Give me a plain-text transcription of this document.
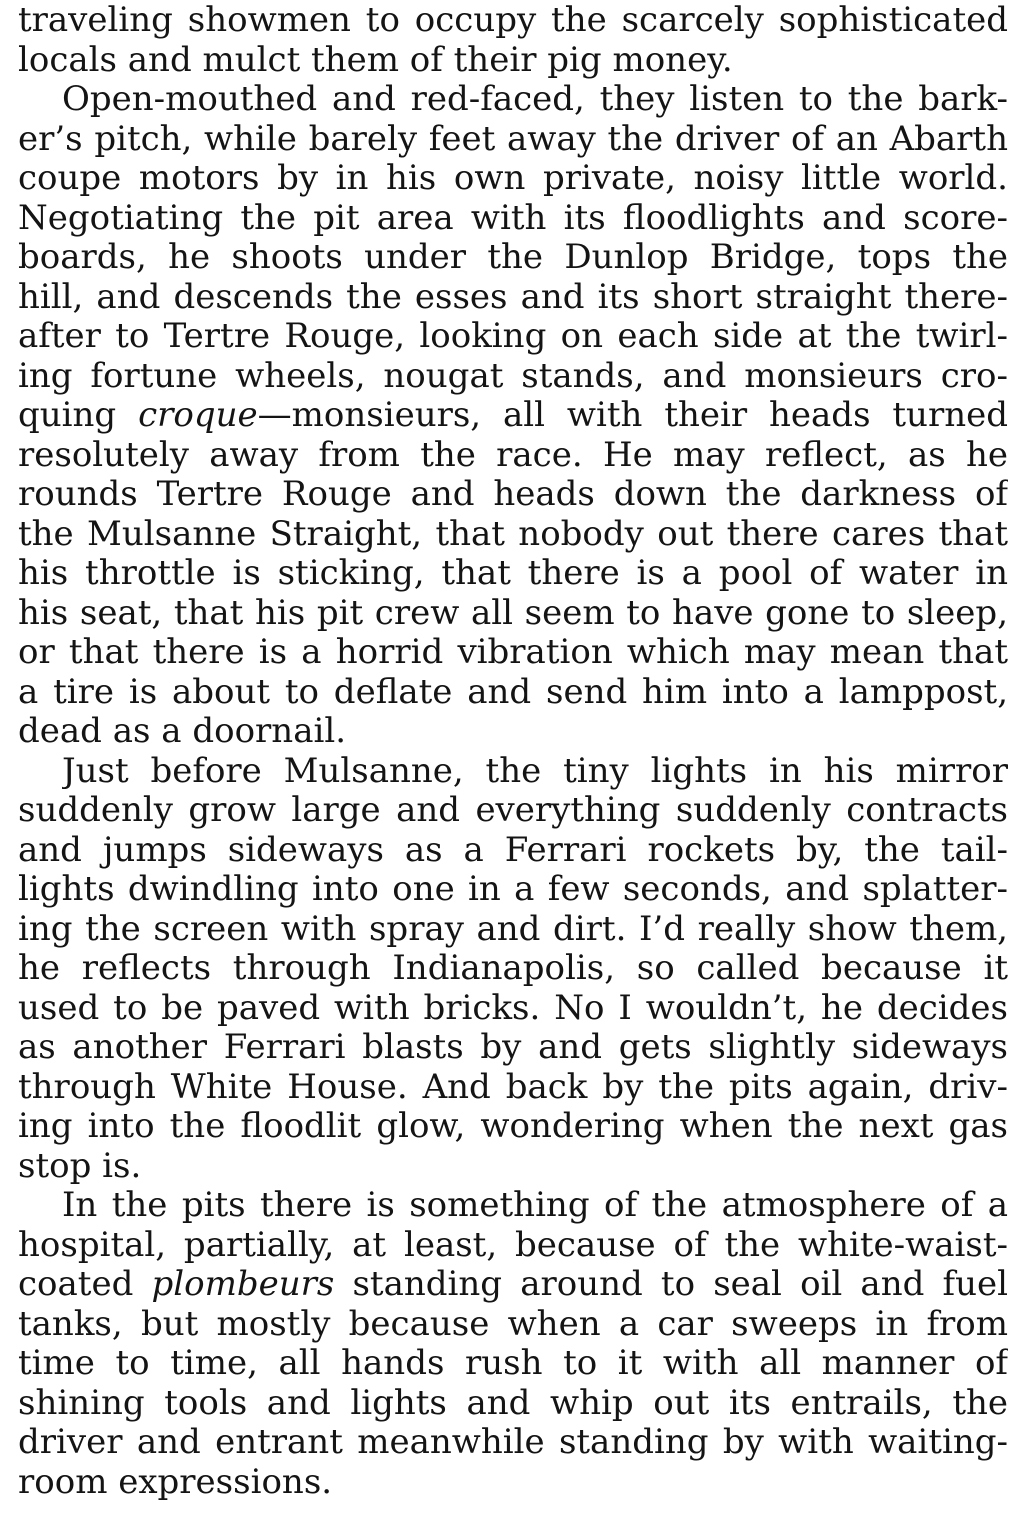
traveling showmen to occupy the scarcely sophisticated
locals and mulct them of their pig money.
Open-mouthed and red-faced, they listen to the bark-
er’s pitch, while barely feet away the driver of an Abarth
coupe motors by in his own private, noisy little world.
Negotiating the pit area with its floodlights and score-
boards, he shoots under the Dunlop Bridge, tops the
hill, and descends the esses and its short straight there-
after to Tertre Rouge, looking on each side at the twirl-
ing fortune wheels, nougat stands, and monsieurs cro-
quing croque—monsieurs, all with their heads turned
resolutely away from the race. He may reflect, as he
rounds Tertre Rouge and heads down the darkness of
the Mulsanne Straight, that nobody out there cares that
his throttle is sticking, that there is a pool of water in
his seat, that his pit crew all seem to have gone to sleep,
or that there is a horrid vibration which may mean that
a tire is about to deflate and send him into a lamppost,
dead as a doornail.
Just before Mulsanne, the tiny lights in his mirror
suddenly grow large and everything suddenly contracts
and jumps sideways as a Ferrari rockets by, the tail-
lights dwindling into one in a few seconds, and splatter-
ing the screen with spray and dirt. I’d really show them,
he reflects through Indianapolis, so called because it
used to be paved with bricks. No I wouldn’t, he decides
as another Ferrari blasts by and gets slightly sideways
through White House. And back by the pits again, driv-
ing into the floodlit glow, wondering when the next gas
stop is.
In the pits there is something of the atmosphere of a
hospital, partially, at least, because of the white-waist-
coated plombeurs standing around to seal oil and fuel
tanks, but mostly because when a car sweeps in from
time to time, all hands rush to it with all manner of
shining tools and lights and whip out its entrails, the
driver and entrant meanwhile standing by with waiting-
room expressions.
